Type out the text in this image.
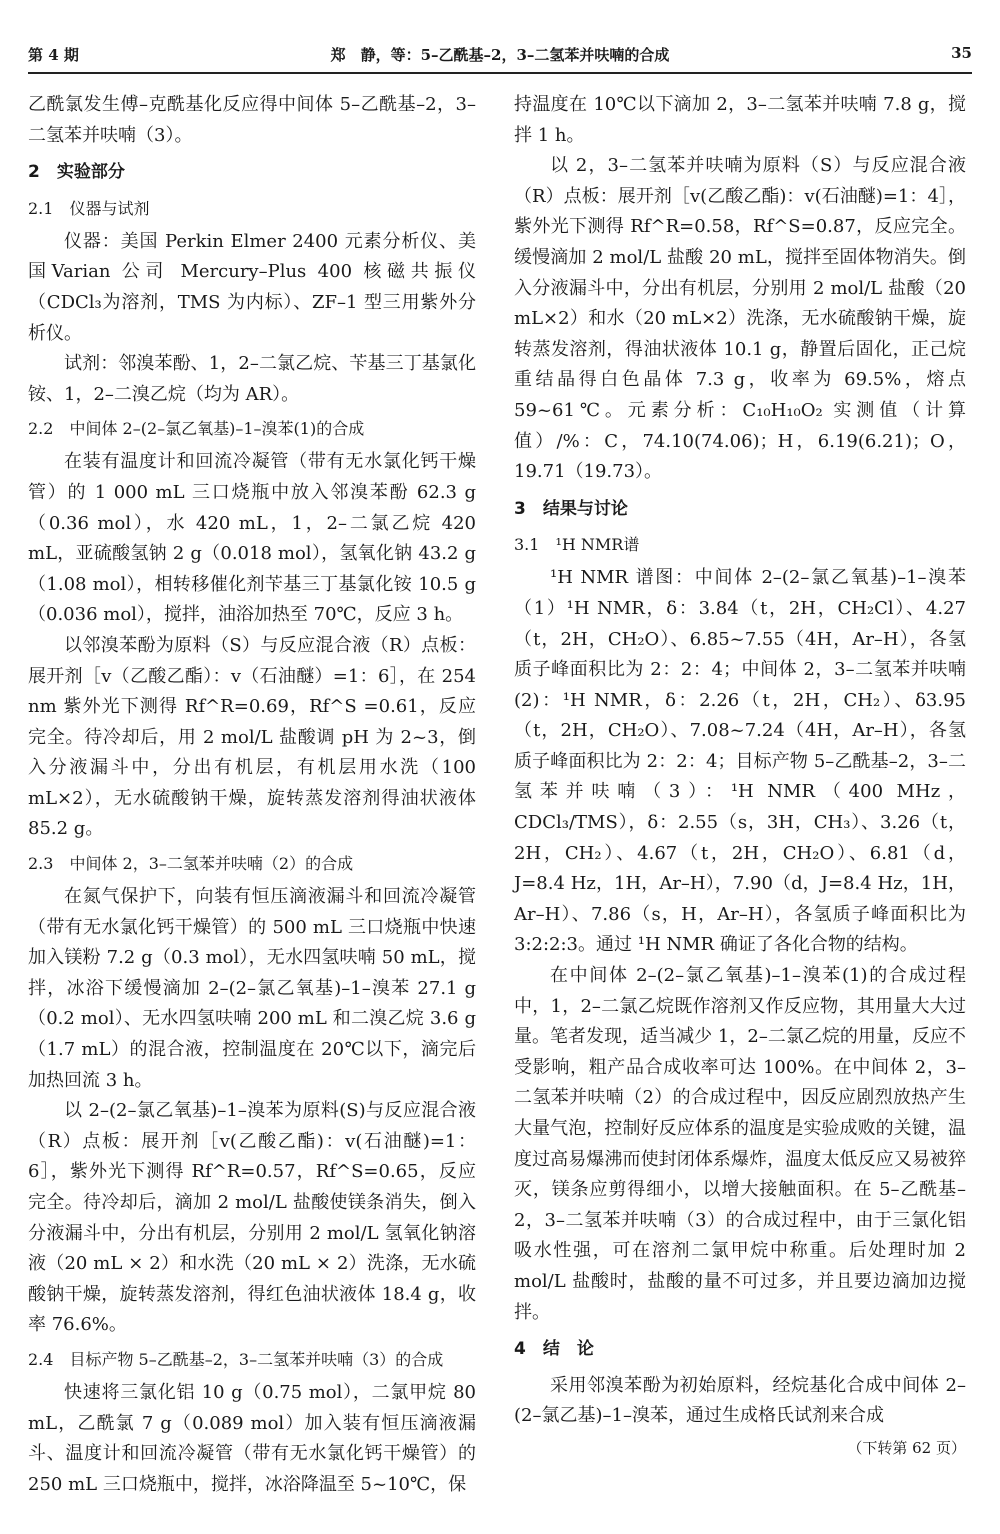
第 4 期	郑　静，等：5–乙酰基–2，3–二氢苯并呋喃的合成	35

乙酰氯发生傅–克酰基化反应得中间体 5–乙酰基–2，3–二氢苯并呋喃（3）。

2　实验部分
2.1　仪器与试剂

仪器：美国 Perkin Elmer 2400 元素分析仪、美国Varian 公司 Mercury–Plus 400 核磁共振仪（CDCl₃为溶剂，TMS 为内标）、ZF–1 型三用紫外分析仪。

试剂：邻溴苯酚、1，2–二氯乙烷、苄基三丁基氯化铵、1，2–二溴乙烷（均为 AR）。

2.2　中间体 2–(2–氯乙氧基)–1–溴苯(1)的合成

在装有温度计和回流冷凝管（带有无水氯化钙干燥管）的 1 000 mL 三口烧瓶中放入邻溴苯酚 62.3 g（0.36 mol），水 420 mL，1，2–二氯乙烷 420 mL，亚硫酸氢钠 2 g（0.018 mol），氢氧化钠 43.2 g（1.08 mol），相转移催化剂苄基三丁基氯化铵 10.5 g（0.036 mol），搅拌，油浴加热至 70℃，反应 3 h。

以邻溴苯酚为原料（S）与反应混合液（R）点板：展开剂［v（乙酸乙酯）：v（石油醚）=1：6］，在 254 nm 紫外光下测得 Rf^R=0.69，Rf^S =0.61，反应完全。待冷却后，用 2 mol/L 盐酸调 pH 为 2~3，倒入分液漏斗中，分出有机层，有机层用水洗（100 mL×2），无水硫酸钠干燥，旋转蒸发溶剂得油状液体 85.2 g。

2.3　中间体 2，3–二氢苯并呋喃（2）的合成

在氮气保护下，向装有恒压滴液漏斗和回流冷凝管（带有无水氯化钙干燥管）的 500 mL 三口烧瓶中快速加入镁粉 7.2 g（0.3 mol），无水四氢呋喃 50 mL，搅拌，冰浴下缓慢滴加 2–(2–氯乙氧基)–1–溴苯 27.1 g（0.2 mol）、无水四氢呋喃 200 mL 和二溴乙烷 3.6 g（1.7 mL）的混合液，控制温度在 20℃以下，滴完后加热回流 3 h。

以 2–(2–氯乙氧基)–1–溴苯为原料(S)与反应混合液（R）点板：展开剂［v(乙酸乙酯)：v(石油醚)=1：6］，紫外光下测得 Rf^R=0.57，Rf^S=0.65，反应完全。待冷却后，滴加 2 mol/L 盐酸使镁条消失，倒入分液漏斗中，分出有机层，分别用 2 mol/L 氢氧化钠溶液（20 mL × 2）和水洗（20 mL × 2）洗涤，无水硫酸钠干燥，旋转蒸发溶剂，得红色油状液体 18.4 g，收率 76.6%。

2.4　目标产物 5–乙酰基–2，3–二氢苯并呋喃（3）的合成

快速将三氯化铝 10 g（0.75 mol），二氯甲烷 80 mL，乙酰氯 7 g（0.089 mol）加入装有恒压滴液漏斗、温度计和回流冷凝管（带有无水氯化钙干燥管）的 250 mL 三口烧瓶中，搅拌，冰浴降温至 5~10℃，保

持温度在 10℃以下滴加 2，3–二氢苯并呋喃 7.8 g，搅拌 1 h。

以 2，3–二氢苯并呋喃为原料（S）与反应混合液（R）点板：展开剂［v(乙酸乙酯)：v(石油醚)=1：4］，紫外光下测得 Rf^R=0.58，Rf^S=0.87，反应完全。缓慢滴加 2 mol/L 盐酸 20 mL，搅拌至固体物消失。倒入分液漏斗中，分出有机层，分别用 2 mol/L 盐酸（20 mL×2）和水（20 mL×2）洗涤，无水硫酸钠干燥，旋转蒸发溶剂，得油状液体 10.1 g，静置后固化，正己烷重结晶得白色晶体 7.3 g，收率为 69.5%，熔点 59~61℃。元素分析：C₁₀H₁₀O₂ 实测值（计算值）/%：C，74.10(74.06)；H，6.19(6.21)；O，19.71（19.73）。

3　结果与讨论
3.1　¹H NMR谱

¹H NMR 谱图：中间体 2–(2–氯乙氧基)–1–溴苯（1）¹H NMR，δ：3.84（t，2H，CH₂Cl）、4.27（t，2H，CH₂O）、6.85~7.55（4H，Ar–H），各氢质子峰面积比为 2：2：4；中间体 2，3–二氢苯并呋喃(2)：¹H NMR，δ：2.26（t，2H，CH₂）、δ3.95（t，2H，CH₂O）、7.08~7.24（4H，Ar–H），各氢质子峰面积比为 2：2：4；目标产物 5–乙酰基–2，3–二氢苯并呋喃（3）：¹H NMR（400 MHz，CDCl₃/TMS），δ：2.55（s，3H，CH₃）、3.26（t，2H，CH₂）、4.67（t，2H，CH₂O）、6.81（d，J=8.4 Hz，1H，Ar–H），7.90（d，J=8.4 Hz，1H，Ar–H）、7.86（s，H，Ar–H），各氢质子峰面积比为 3:2:2:3。通过 ¹H NMR 确证了各化合物的结构。

在中间体 2–(2–氯乙氧基)–1–溴苯(1)的合成过程中，1，2–二氯乙烷既作溶剂又作反应物，其用量大大过量。笔者发现，适当减少 1，2–二氯乙烷的用量，反应不受影响，粗产品合成收率可达 100%。在中间体 2，3–二氢苯并呋喃（2）的合成过程中，因反应剧烈放热产生大量气泡，控制好反应体系的温度是实验成败的关键，温度过高易爆沸而使封闭体系爆炸，温度太低反应又易被猝灭，镁条应剪得细小，以增大接触面积。在 5–乙酰基–2，3–二氢苯并呋喃（3）的合成过程中，由于三氯化铝吸水性强，可在溶剂二氯甲烷中称重。后处理时加 2 mol/L 盐酸时，盐酸的量不可过多，并且要边滴加边搅拌。

4　结　论

采用邻溴苯酚为初始原料，经烷基化合成中间体 2–(2–氯乙基)–1–溴苯，通过生成格氏试剂来合成

（下转第 62 页）
